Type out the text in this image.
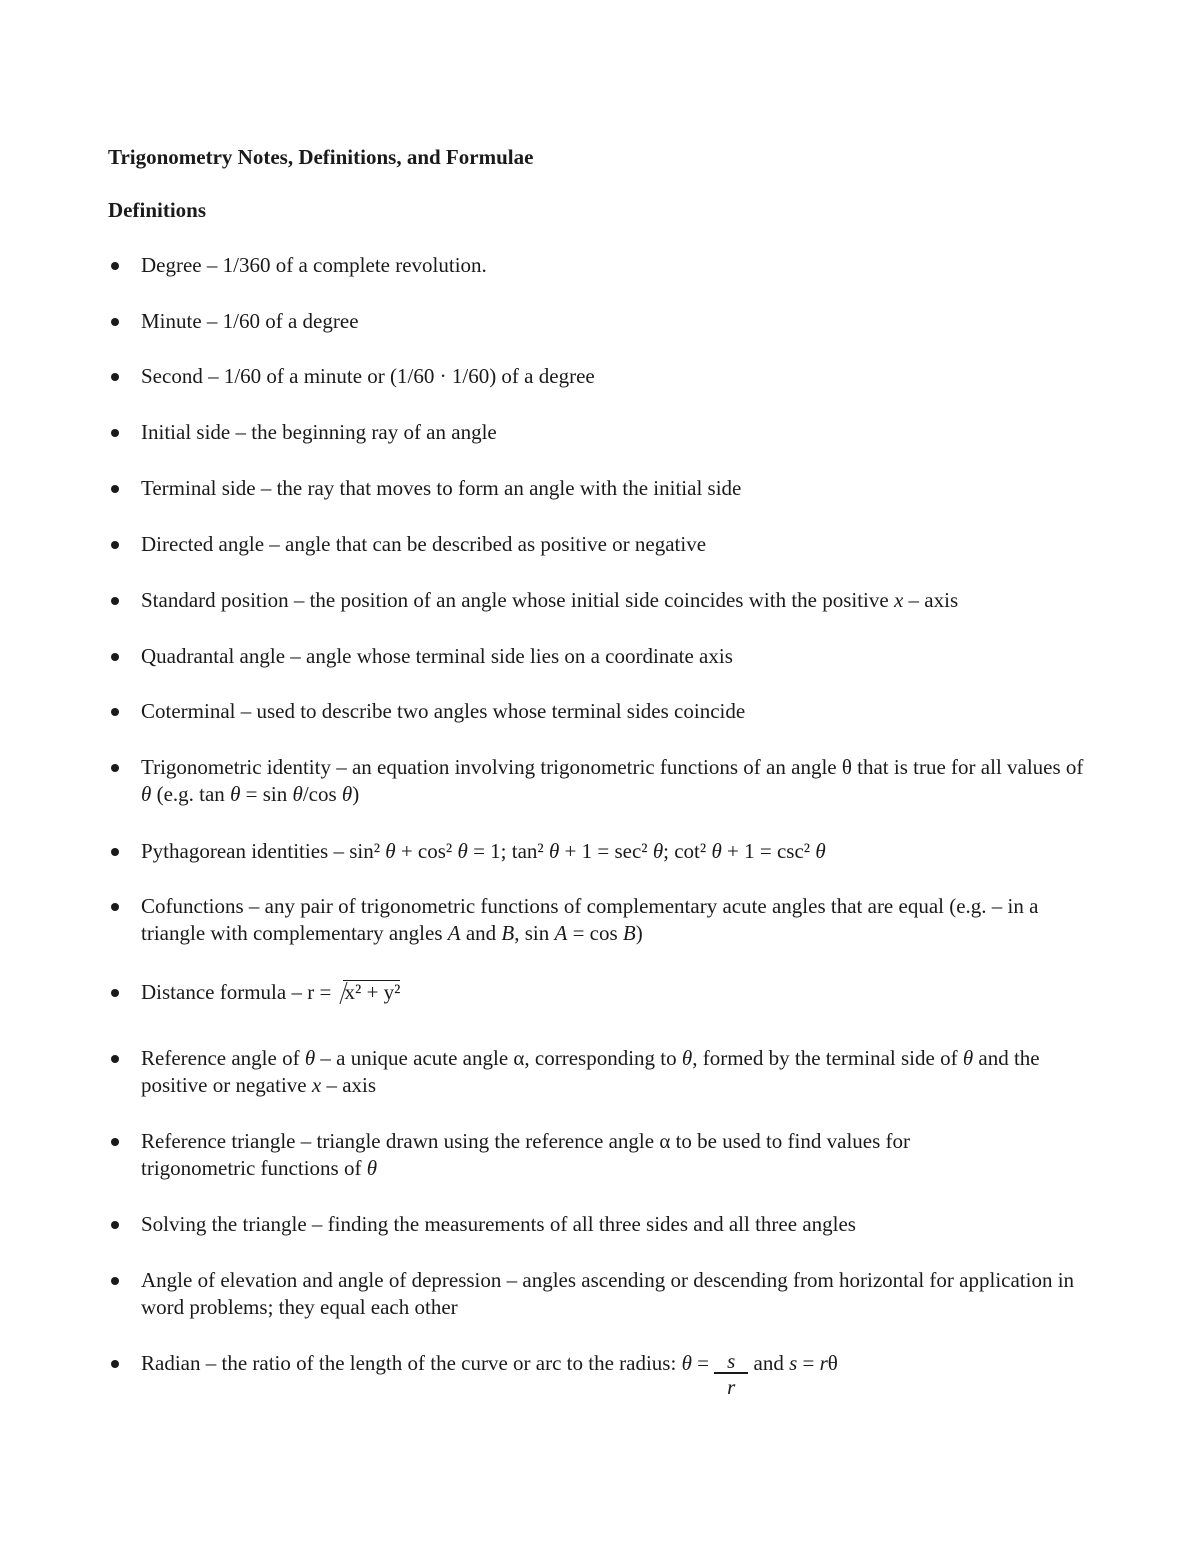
Trigonometry Notes, Definitions, and Formulae
Definitions
Degree – 1/360 of a complete revolution.
Minute – 1/60 of a degree
Second – 1/60 of a minute or (1/60 · 1/60) of a degree
Initial side – the beginning ray of an angle
Terminal side – the ray that moves to form an angle with the initial side
Directed angle – angle that can be described as positive or negative
Standard position – the position of an angle whose initial side coincides with the positive x – axis
Quadrantal angle – angle whose terminal side lies on a coordinate axis
Coterminal – used to describe two angles whose terminal sides coincide
Trigonometric identity – an equation involving trigonometric functions of an angle θ that is true for all values of θ (e.g. tan θ = sin θ/cos θ)
Pythagorean identities – sin² θ + cos² θ = 1; tan² θ + 1 = sec² θ; cot² θ + 1 = csc² θ
Cofunctions – any pair of trigonometric functions of complementary acute angles that are equal (e.g. – in a triangle with complementary angles A and B, sin A = cos B)
Distance formula – r = x² + y²
Reference angle of θ – a unique acute angle α, corresponding to θ, formed by the terminal side of θ and the positive or negative x – axis
Reference triangle – triangle drawn using the reference angle α to be used to find values for trigonometric functions of θ
Solving the triangle – finding the measurements of all three sides and all three angles
Angle of elevation and angle of depression – angles ascending or descending from horizontal for application in word problems; they equal each other
Radian – the ratio of the length of the curve or arc to the radius: $\theta = \frac{s}{r}$ and s = rθ
